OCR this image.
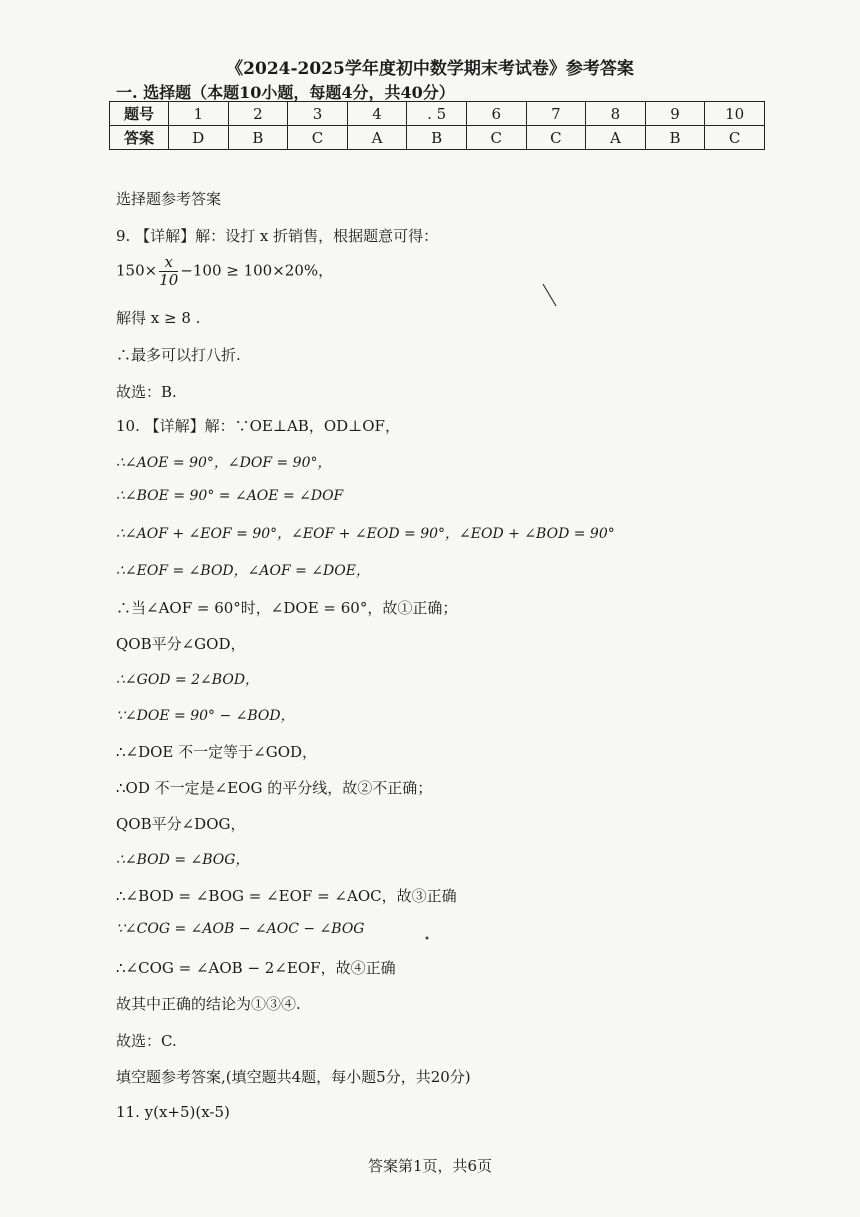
《2024-2025学年度初中数学期末考试卷》参考答案
一. 选择题（本题10小题，每题4分，共40分）
题号	1	2	3	4	. 5	6	7	8	9	10
答案	D	B	C	A	B	C	C	A	B	C
选择题参考答案
9. 【详解】解：设打 x 折销售，根据题意可得：
$150\times \frac{x}{10} -100 \ge 100\times 20\%$，
解得 x ≥ 8 .
∴最多可以打八折.
故选：B.
10. 【详解】解：∵OE⊥AB，OD⊥OF，
∴∠AOE = 90°，∠DOF = 90°，
∴∠BOE = 90° = ∠AOE = ∠DOF
∴∠AOF + ∠EOF = 90°，∠EOF + ∠EOD = 90°，∠EOD + ∠BOD = 90°
∴∠EOF = ∠BOD，∠AOF = ∠DOE，
∴当∠AOF = 60°时，∠DOE = 60°，故①正确；
QOB平分∠GOD，
∴∠GOD = 2∠BOD，
∵∠DOE = 90° − ∠BOD，
∴∠DOE 不一定等于∠GOD，
∴OD 不一定是∠EOG 的平分线，故②不正确；
QOB平分∠DOG，
∴∠BOD = ∠BOG，
∴∠BOD = ∠BOG = ∠EOF = ∠AOC，故③正确
∵∠COG = ∠AOB − ∠AOC − ∠BOG
∴∠COG = ∠AOB − 2∠EOF，故④正确
故其中正确的结论为①③④.
故选：C.
填空题参考答案,(填空题共4题，每小题5分，共20分)
11. y(x+5)(x-5)
答案第1页，共6页
